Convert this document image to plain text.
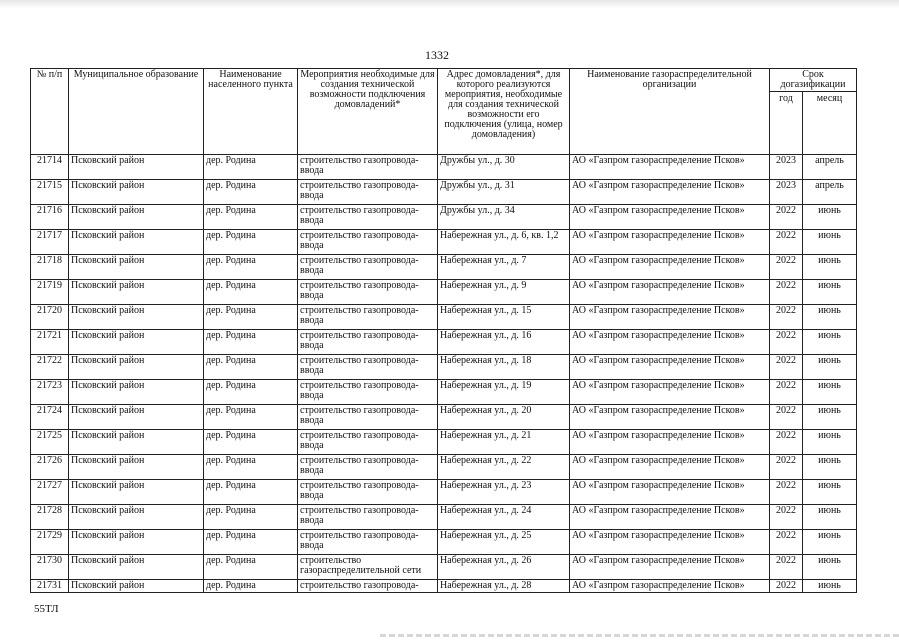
1332
№ п/п	Муниципальное образование	Наименование населенного пункта	Мероприятия необходимые для создания технической возможности подключения домовладений*	Адрес домовладения*, для которого реализуются мероприятия, необходимые для создания технической возможности его подключения (улица, номер домовладения)	Наименование газораспределительной организации	Срок догазификации	
						год	месяц
21714	Псковский район	дер. Родина	строительство газопровода-ввода	Дружбы ул., д. 30	АО «Газпром газораспределение Псков»	2023	апрель
21715	Псковский район	дер. Родина	строительство газопровода-ввода	Дружбы ул., д. 31	АО «Газпром газораспределение Псков»	2023	апрель
21716	Псковский район	дер. Родина	строительство газопровода-ввода	Дружбы ул., д. 34	АО «Газпром газораспределение Псков»	2022	июнь
21717	Псковский район	дер. Родина	строительство газопровода-ввода	Набережная ул., д. 6, кв. 1,2	АО «Газпром газораспределение Псков»	2022	июнь
21718	Псковский район	дер. Родина	строительство газопровода-ввода	Набережная ул., д. 7	АО «Газпром газораспределение Псков»	2022	июнь
21719	Псковский район	дер. Родина	строительство газопровода-ввода	Набережная ул., д. 9	АО «Газпром газораспределение Псков»	2022	июнь
21720	Псковский район	дер. Родина	строительство газопровода-ввода	Набережная ул., д. 15	АО «Газпром газораспределение Псков»	2022	июнь
21721	Псковский район	дер. Родина	строительство газопровода-ввода	Набережная ул., д. 16	АО «Газпром газораспределение Псков»	2022	июнь
21722	Псковский район	дер. Родина	строительство газопровода-ввода	Набережная ул., д. 18	АО «Газпром газораспределение Псков»	2022	июнь
21723	Псковский район	дер. Родина	строительство газопровода-ввода	Набережная ул., д. 19	АО «Газпром газораспределение Псков»	2022	июнь
21724	Псковский район	дер. Родина	строительство газопровода-ввода	Набережная ул., д. 20	АО «Газпром газораспределение Псков»	2022	июнь
21725	Псковский район	дер. Родина	строительство газопровода-ввода	Набережная ул., д. 21	АО «Газпром газораспределение Псков»	2022	июнь
21726	Псковский район	дер. Родина	строительство газопровода-ввода	Набережная ул., д. 22	АО «Газпром газораспределение Псков»	2022	июнь
21727	Псковский район	дер. Родина	строительство газопровода-ввода	Набережная ул., д. 23	АО «Газпром газораспределение Псков»	2022	июнь
21728	Псковский район	дер. Родина	строительство газопровода-ввода	Набережная ул., д. 24	АО «Газпром газораспределение Псков»	2022	июнь
21729	Псковский район	дер. Родина	строительство газопровода-ввода	Набережная ул., д. 25	АО «Газпром газораспределение Псков»	2022	июнь
21730	Псковский район	дер. Родина	строительство газораспределительной сети	Набережная ул., д. 26	АО «Газпром газораспределение Псков»	2022	июнь
21731	Псковский район	дер. Родина	строительство газопровода-	Набережная ул., д. 28	АО «Газпром газораспределение Псков»	2022	июнь
55ТЛ
